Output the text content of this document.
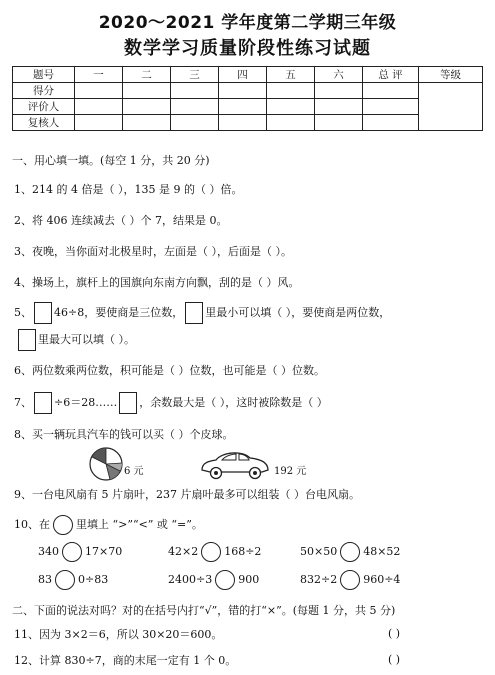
2020～2021 学年度第二学期三年级
数学学习质量阶段性练习试题
题号	一	二	三	四	五	六	总 评	等级
得分								
评价人								
复核人								
一、用心填一填。(每空 1 分，共 20 分)
1、214 的 4 倍是（ ），135 是 9 的（ ）倍。
2、将 406 连续减去（ ）个 7，结果是 0。
3、夜晚，当你面对北极星时，左面是（ ），后面是（ ）。
4、操场上，旗杆上的国旗向东南方向飘，刮的是（ ）风。
5、 46÷8，要使商是三位数， 里最小可以填（ ），要使商是两位数，
里最大可以填（ ）。
6、两位数乘两位数，积可能是（ ）位数，也可能是（ ）位数。
7、 ÷6＝28…… ，余数最大是（ ），这时被除数是（ ）
8、买一辆玩具汽车的钱可以买（ ）个皮球。
6 元	192 元
9、一台电风扇有 5 片扇叶，237 片扇叶最多可以组装（ ）台电风扇。
10、在 里填上 “>”“<” 或 “=”。
340 17×70	42×2 168÷2	50×50 48×52
83 0÷83	2400÷3 900	832÷2 960÷4
二、下面的说法对吗？对的在括号内打“√”，错的打“×”。(每题 1 分，共 5 分)
11、因为 3×2＝6，所以 30×20＝600。	( )
12、计算 830÷7，商的末尾一定有 1 个 0。	( )
